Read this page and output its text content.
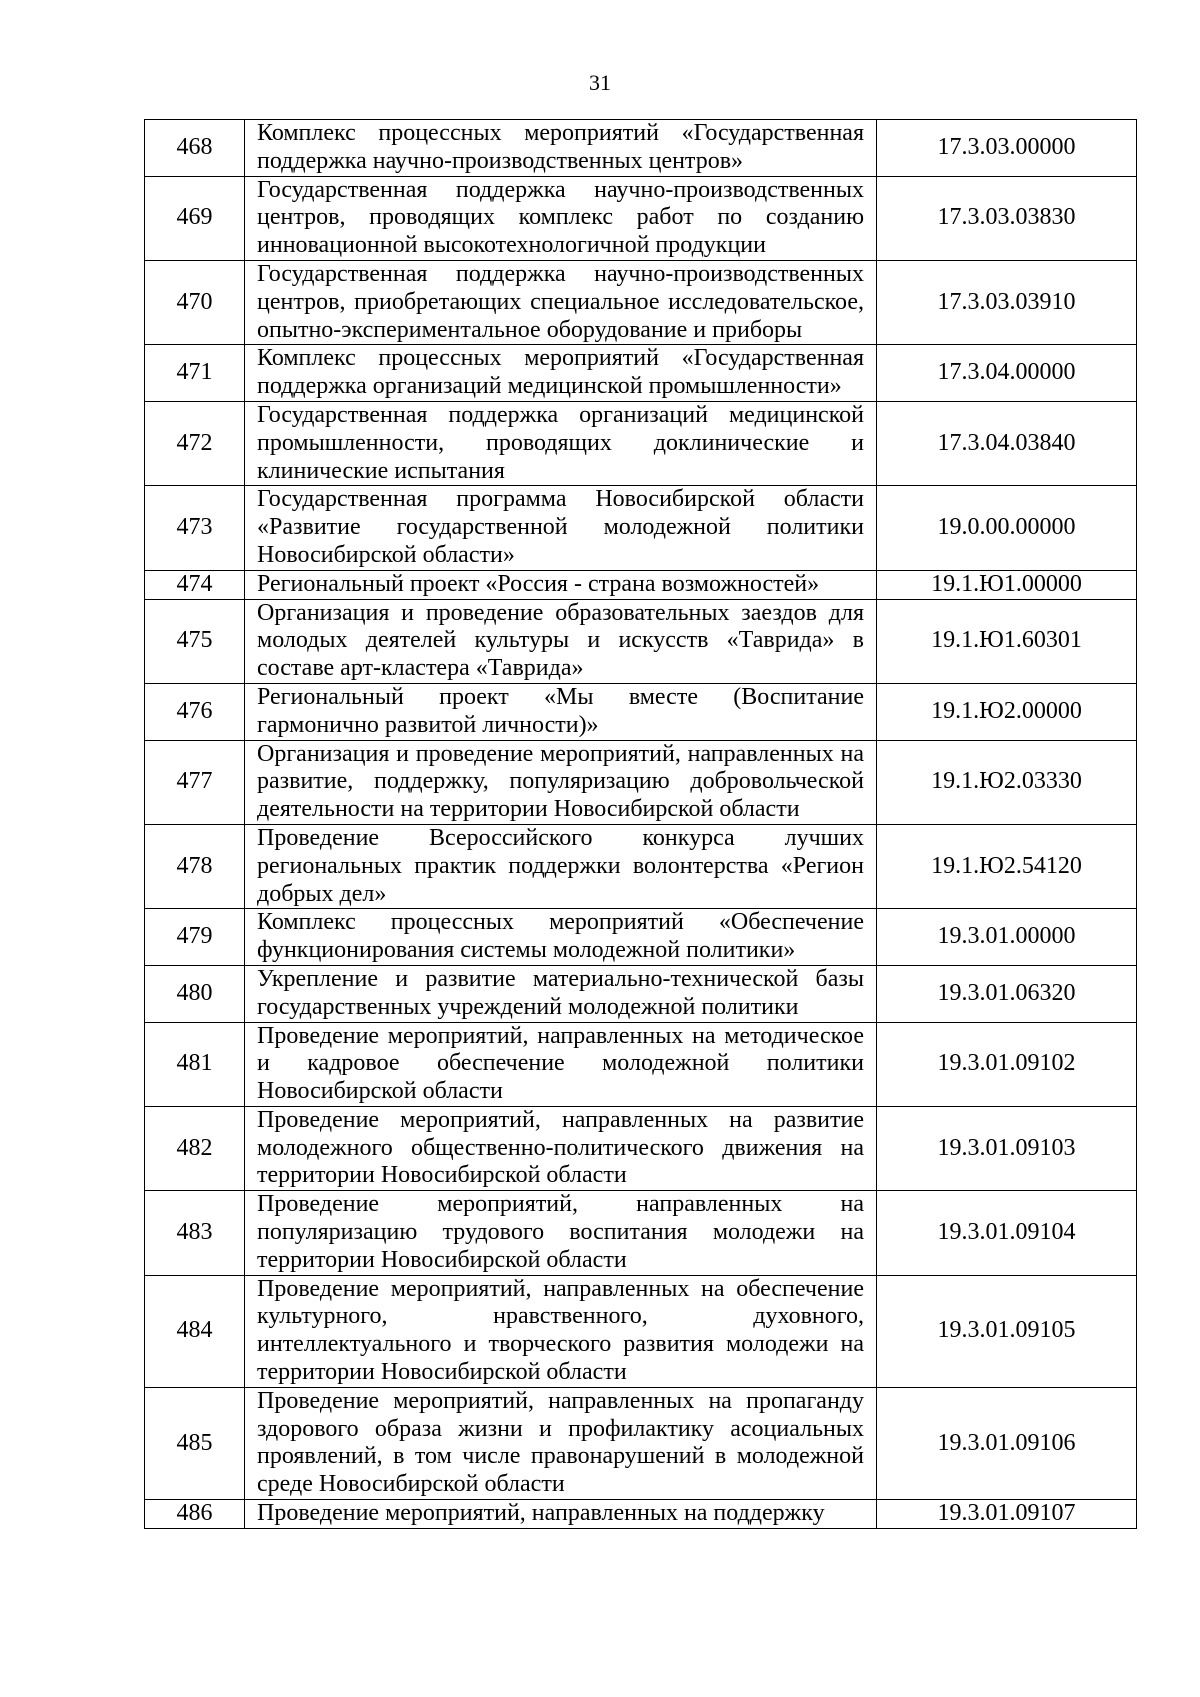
31
468	Комплекс процессных мероприятий «Государственная поддержка научно-производственных центров»	17.3.03.00000
469	Государственная поддержка научно-производственных центров, проводящих комплекс работ по созданию инновационной высокотехнологичной продукции	17.3.03.03830
470	Государственная поддержка научно-производственных центров, приобретающих специальное исследовательское, опытно-экспериментальное оборудование и приборы	17.3.03.03910
471	Комплекс процессных мероприятий «Государственная поддержка организаций медицинской промышленности»	17.3.04.00000
472	Государственная поддержка организаций медицинской промышленности, проводящих доклинические и клинические испытания	17.3.04.03840
473	Государственная программа Новосибирской области «Развитие государственной молодежной политики Новосибирской области»	19.0.00.00000
474	Региональный проект «Россия - страна возможностей»	19.1.Ю1.00000
475	Организация и проведение образовательных заездов для молодых деятелей культуры и искусств «Таврида» в составе арт-кластера «Таврида»	19.1.Ю1.60301
476	Региональный проект «Мы вместе (Воспитание гармонично развитой личности)»	19.1.Ю2.00000
477	Организация и проведение мероприятий, направленных на развитие, поддержку, популяризацию добровольческой деятельности на территории Новосибирской области	19.1.Ю2.03330
478	Проведение Всероссийского конкурса лучших региональных практик поддержки волонтерства «Регион добрых дел»	19.1.Ю2.54120
479	Комплекс процессных мероприятий «Обеспечение функционирования системы молодежной политики»	19.3.01.00000
480	Укрепление и развитие материально-технической базы государственных учреждений молодежной политики	19.3.01.06320
481	Проведение мероприятий, направленных на методическое и кадровое обеспечение молодежной политики Новосибирской области	19.3.01.09102
482	Проведение мероприятий, направленных на развитие молодежного общественно-политического движения на территории Новосибирской области	19.3.01.09103
483	Проведение мероприятий, направленных на популяризацию трудового воспитания молодежи на территории Новосибирской области	19.3.01.09104
484	Проведение мероприятий, направленных на обеспечение культурного, нравственного, духовного, интеллектуального и творческого развития молодежи на территории Новосибирской области	19.3.01.09105
485	Проведение мероприятий, направленных на пропаганду здорового образа жизни и профилактику асоциальных проявлений, в том числе правонарушений в молодежной среде Новосибирской области	19.3.01.09106
486	Проведение мероприятий, направленных на поддержку	19.3.01.09107
